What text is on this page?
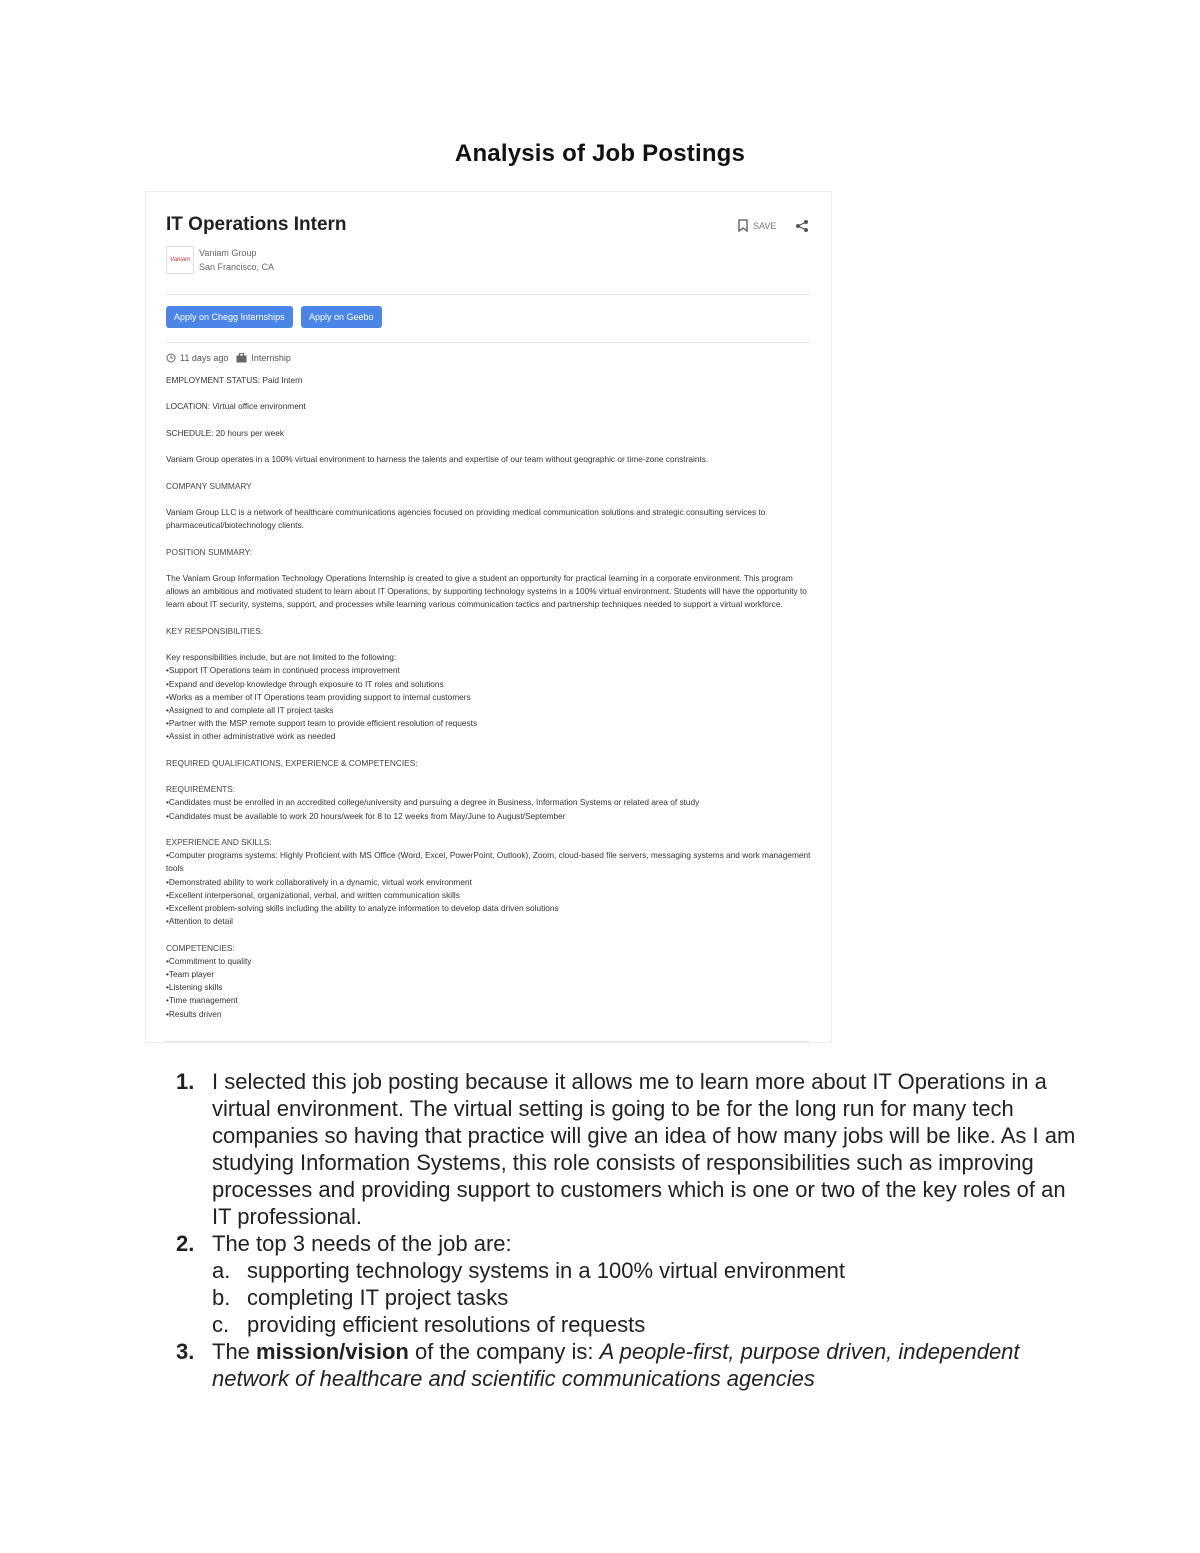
Analysis of Job Postings
IT Operations Intern	SAVE
Vaniam
Vaniam Group
San Francisco, CA
Apply on Chegg Internships	Apply on Geebo
11 days ago	Internship
EMPLOYMENT STATUS: Paid Intern
LOCATION: Virtual office environment
SCHEDULE: 20 hours per week
Vaniam Group operates in a 100% virtual environment to harness the talents and expertise of our team without geographic or time-zone constraints.
COMPANY SUMMARY
Vaniam Group LLC is a network of healthcare communications agencies focused on providing medical communication solutions and strategic consulting services to pharmaceutical/biotechnology clients.
POSITION SUMMARY:
The Vaniam Group Information Technology Operations Internship is created to give a student an opportunity for practical learning in a corporate environment. This program allows an ambitious and motivated student to learn about IT Operations, by supporting technology systems in a 100% virtual environment. Students will have the opportunity to learn about IT security, systems, support, and processes while learning various communication tactics and partnership techniques needed to support a virtual workforce.
KEY RESPONSIBILITIES:
Key responsibilities include, but are not limited to the following:
• Support IT Operations team in continued process improvement
• Expand and develop knowledge through exposure to IT roles and solutions
• Works as a member of IT Operations team providing support to internal customers
• Assigned to and complete all IT project tasks
• Partner with the MSP remote support team to provide efficient resolution of requests
• Assist in other administrative work as needed
REQUIRED QUALIFICATIONS, EXPERIENCE & COMPETENCIES:
REQUIREMENTS:
• Candidates must be enrolled in an accredited college/university and pursuing a degree in Business, Information Systems or related area of study
• Candidates must be available to work 20 hours/week for 8 to 12 weeks from May/June to August/September
EXPERIENCE AND SKILLS:
• Computer programs systems: Highly Proficient with MS Office (Word, Excel, PowerPoint, Outlook), Zoom, cloud-based file servers, messaging systems and work management tools
• Demonstrated ability to work collaboratively in a dynamic, virtual work environment
• Excellent interpersonal, organizational, verbal, and written communication skills
• Excellent problem-solving skills including the ability to analyze information to develop data driven solutions
• Attention to detail
COMPETENCIES:
• Commitment to quality
• Team player
• Listening skills
• Time management
• Results driven
1. I selected this job posting because it allows me to learn more about IT Operations in a virtual environment. The virtual setting is going to be for the long run for many tech companies so having that practice will give an idea of how many jobs will be like. As I am studying Information Systems, this role consists of responsibilities such as improving processes and providing support to customers which is one or two of the key roles of an IT professional.
2. The top 3 needs of the job are:
a. supporting technology systems in a 100% virtual environment
b. completing IT project tasks
c. providing efficient resolutions of requests
3. The mission/vision of the company is: A people-first, purpose driven, independent network of healthcare and scientific communications agencies
